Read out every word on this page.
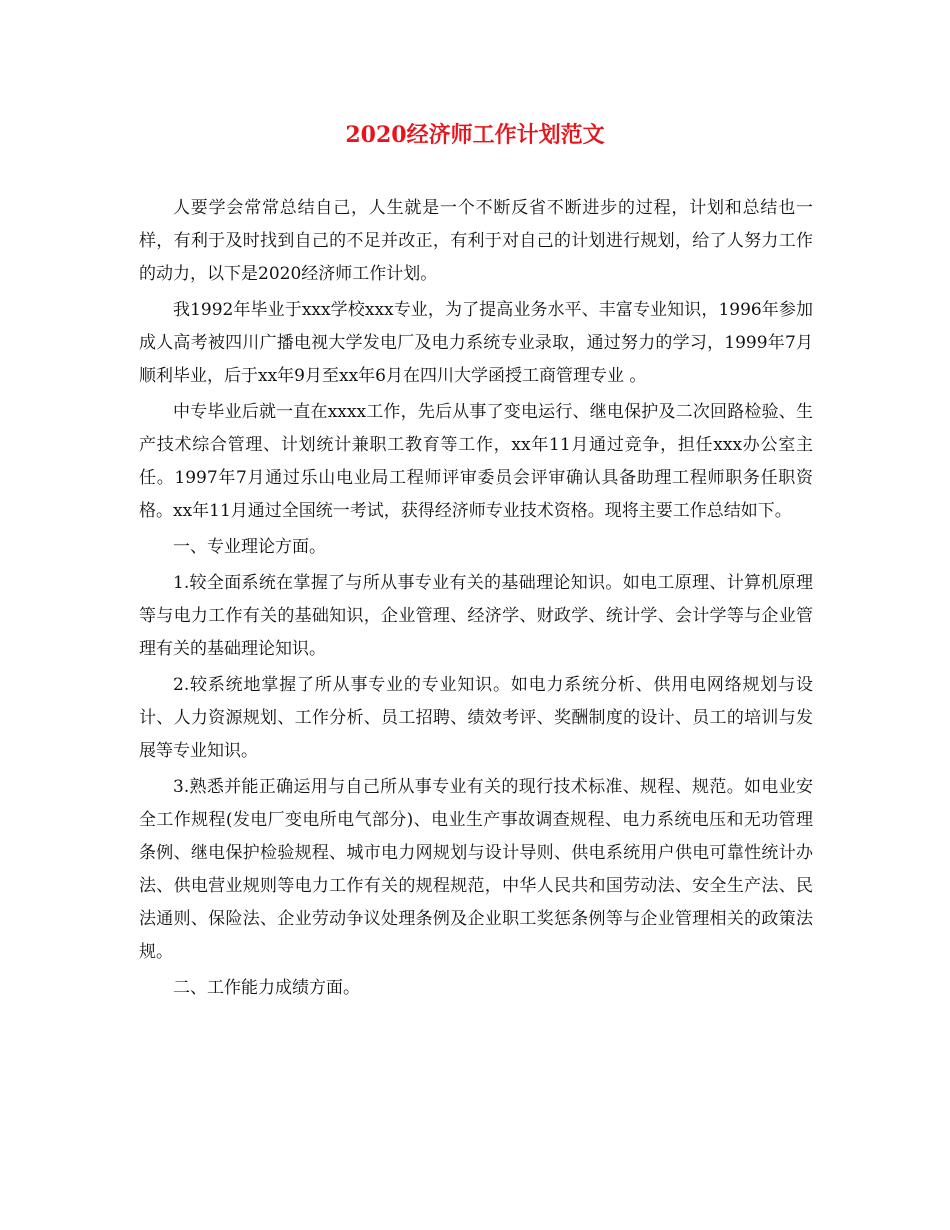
2020经济师工作计划范文

人要学会常常总结自己，人生就是一个不断反省不断进步的过程，计划和总结也一样，有利于及时找到自己的不足并改正，有利于对自己的计划进行规划，给了人努力工作的动力，以下是2020经济师工作计划。

我1992年毕业于xxx学校xxx专业，为了提高业务水平、丰富专业知识，1996年参加成人高考被四川广播电视大学发电厂及电力系统专业录取，通过努力的学习，1999年7月顺利毕业，后于xx年9月至xx年6月在四川大学函授工商管理专业 。

中专毕业后就一直在xxxx工作，先后从事了变电运行、继电保护及二次回路检验、生产技术综合管理、计划统计兼职工教育等工作，xx年11月通过竞争，担任xxx办公室主任。1997年7月通过乐山电业局工程师评审委员会评审确认具备助理工程师职务任职资格。xx年11月通过全国统一考试，获得经济师专业技术资格。现将主要工作总结如下。

一、专业理论方面。

1.较全面系统在掌握了与所从事专业有关的基础理论知识。如电工原理、计算机原理等与电力工作有关的基础知识，企业管理、经济学、财政学、统计学、会计学等与企业管理有关的基础理论知识。

2.较系统地掌握了所从事专业的专业知识。如电力系统分析、供用电网络规划与设计、人力资源规划、工作分析、员工招聘、绩效考评、奖酬制度的设计、员工的培训与发展等专业知识。

3.熟悉并能正确运用与自己所从事专业有关的现行技术标准、规程、规范。如电业安全工作规程(发电厂变电所电气部分)、电业生产事故调查规程、电力系统电压和无功管理条例、继电保护检验规程、城市电力网规划与设计导则、供电系统用户供电可靠性统计办法、供电营业规则等电力工作有关的规程规范，中华人民共和国劳动法、安全生产法、民法通则、保险法、企业劳动争议处理条例及企业职工奖惩条例等与企业管理相关的政策法规。

二、工作能力成绩方面。
